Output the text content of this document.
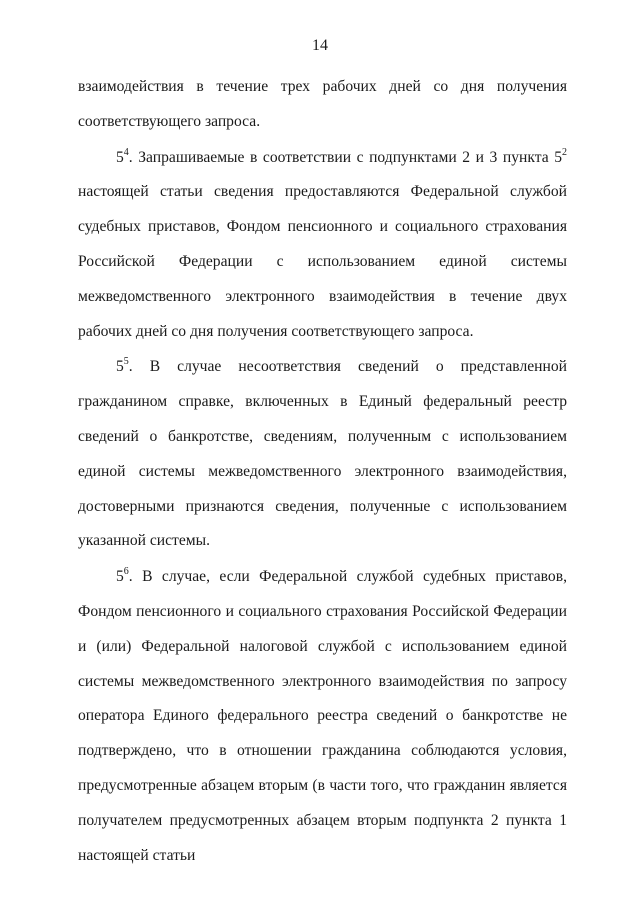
14

взаимодействия в течение трех рабочих дней со дня получения соответствующего запроса.

$5^4$. Запрашиваемые в соответствии с подпунктами 2 и 3 пункта $5^2$ настоящей статьи сведения предоставляются Федеральной службой судебных приставов, Фондом пенсионного и социального страхования Российской Федерации с использованием единой системы межведомственного электронного взаимодействия в течение двух рабочих дней со дня получения соответствующего запроса.

$5^5$. В случае несоответствия сведений о представленной гражданином справке, включенных в Единый федеральный реестр сведений о банкротстве, сведениям, полученным с использованием единой системы межведомственного электронного взаимодействия, достоверными признаются сведения, полученные с использованием указанной системы.

$5^6$. В случае, если Федеральной службой судебных приставов, Фондом пенсионного и социального страхования Российской Федерации и (или) Федеральной налоговой службой с использованием единой системы межведомственного электронного взаимодействия по запросу оператора Единого федерального реестра сведений о банкротстве не подтверждено, что в отношении гражданина соблюдаются условия, предусмотренные абзацем вторым (в части того, что гражданин является получателем предусмотренных абзацем вторым подпункта 2 пункта 1 настоящей статьи
